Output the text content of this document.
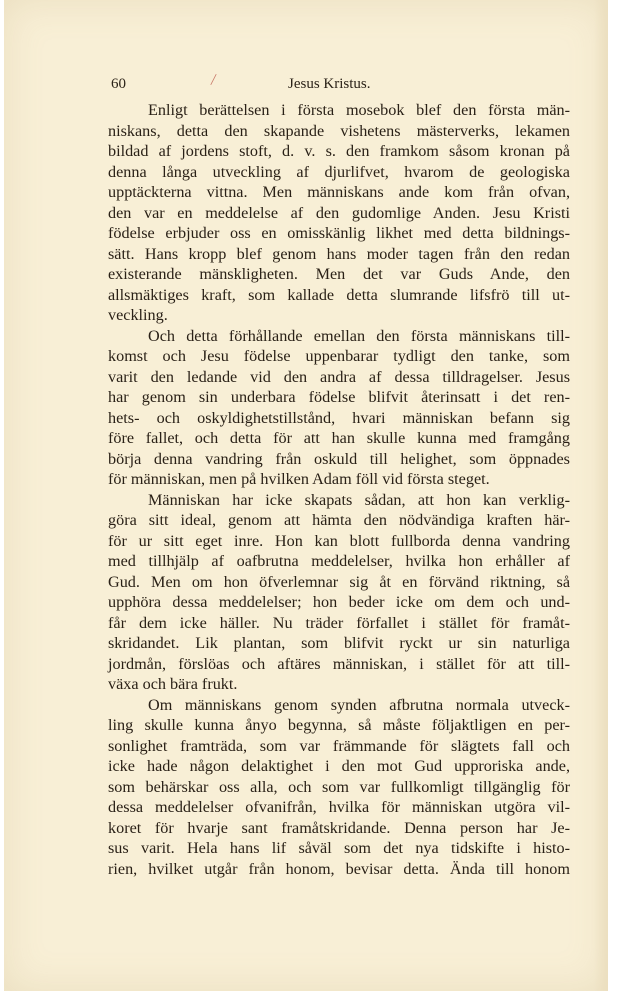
60	/	Jesus Kristus.
Enligt berättelsen i första mosebok blef den första män-
niskans, detta den skapande vishetens mästerverks, lekamen
bildad af jordens stoft, d. v. s. den framkom såsom kronan på
denna långa utveckling af djurlifvet, hvarom de geologiska
upptäckterna vittna. Men människans ande kom från ofvan,
den var en meddelelse af den gudomlige Anden. Jesu Kristi
födelse erbjuder oss en omisskänlig likhet med detta bildnings-
sätt. Hans kropp blef genom hans moder tagen från den redan
existerande mänskligheten. Men det var Guds Ande, den
allsmäktiges kraft, som kallade detta slumrande lifsfrö till ut-
veckling.
Och detta förhållande emellan den första människans till-
komst och Jesu födelse uppenbarar tydligt den tanke, som
varit den ledande vid den andra af dessa tilldragelser. Jesus
har genom sin underbara födelse blifvit återinsatt i det ren-
hets- och oskyldighetstillstånd, hvari människan befann sig
före fallet, och detta för att han skulle kunna med framgång
börja denna vandring från oskuld till helighet, som öppnades
för människan, men på hvilken Adam föll vid första steget.
Människan har icke skapats sådan, att hon kan verklig-
göra sitt ideal, genom att hämta den nödvändiga kraften här-
för ur sitt eget inre. Hon kan blott fullborda denna vandring
med tillhjälp af oafbrutna meddelelser, hvilka hon erhåller af
Gud. Men om hon öfverlemnar sig åt en förvänd riktning, så
upphöra dessa meddelelser; hon beder icke om dem och und-
får dem icke häller. Nu träder förfallet i stället för framåt-
skridandet. Lik plantan, som blifvit ryckt ur sin naturliga
jordmån, förslöas och aftäres människan, i stället för att till-
växa och bära frukt.
Om människans genom synden afbrutna normala utveck-
ling skulle kunna ånyo begynna, så måste följaktligen en per-
sonlighet framträda, som var främmande för slägtets fall och
icke hade någon delaktighet i den mot Gud upproriska ande,
som behärskar oss alla, och som var fullkomligt tillgänglig för
dessa meddelelser ofvanifrån, hvilka för människan utgöra vil-
koret för hvarje sant framåtskridande. Denna person har Je-
sus varit. Hela hans lif såväl som det nya tidskifte i histo-
rien, hvilket utgår från honom, bevisar detta. Ända till honom
